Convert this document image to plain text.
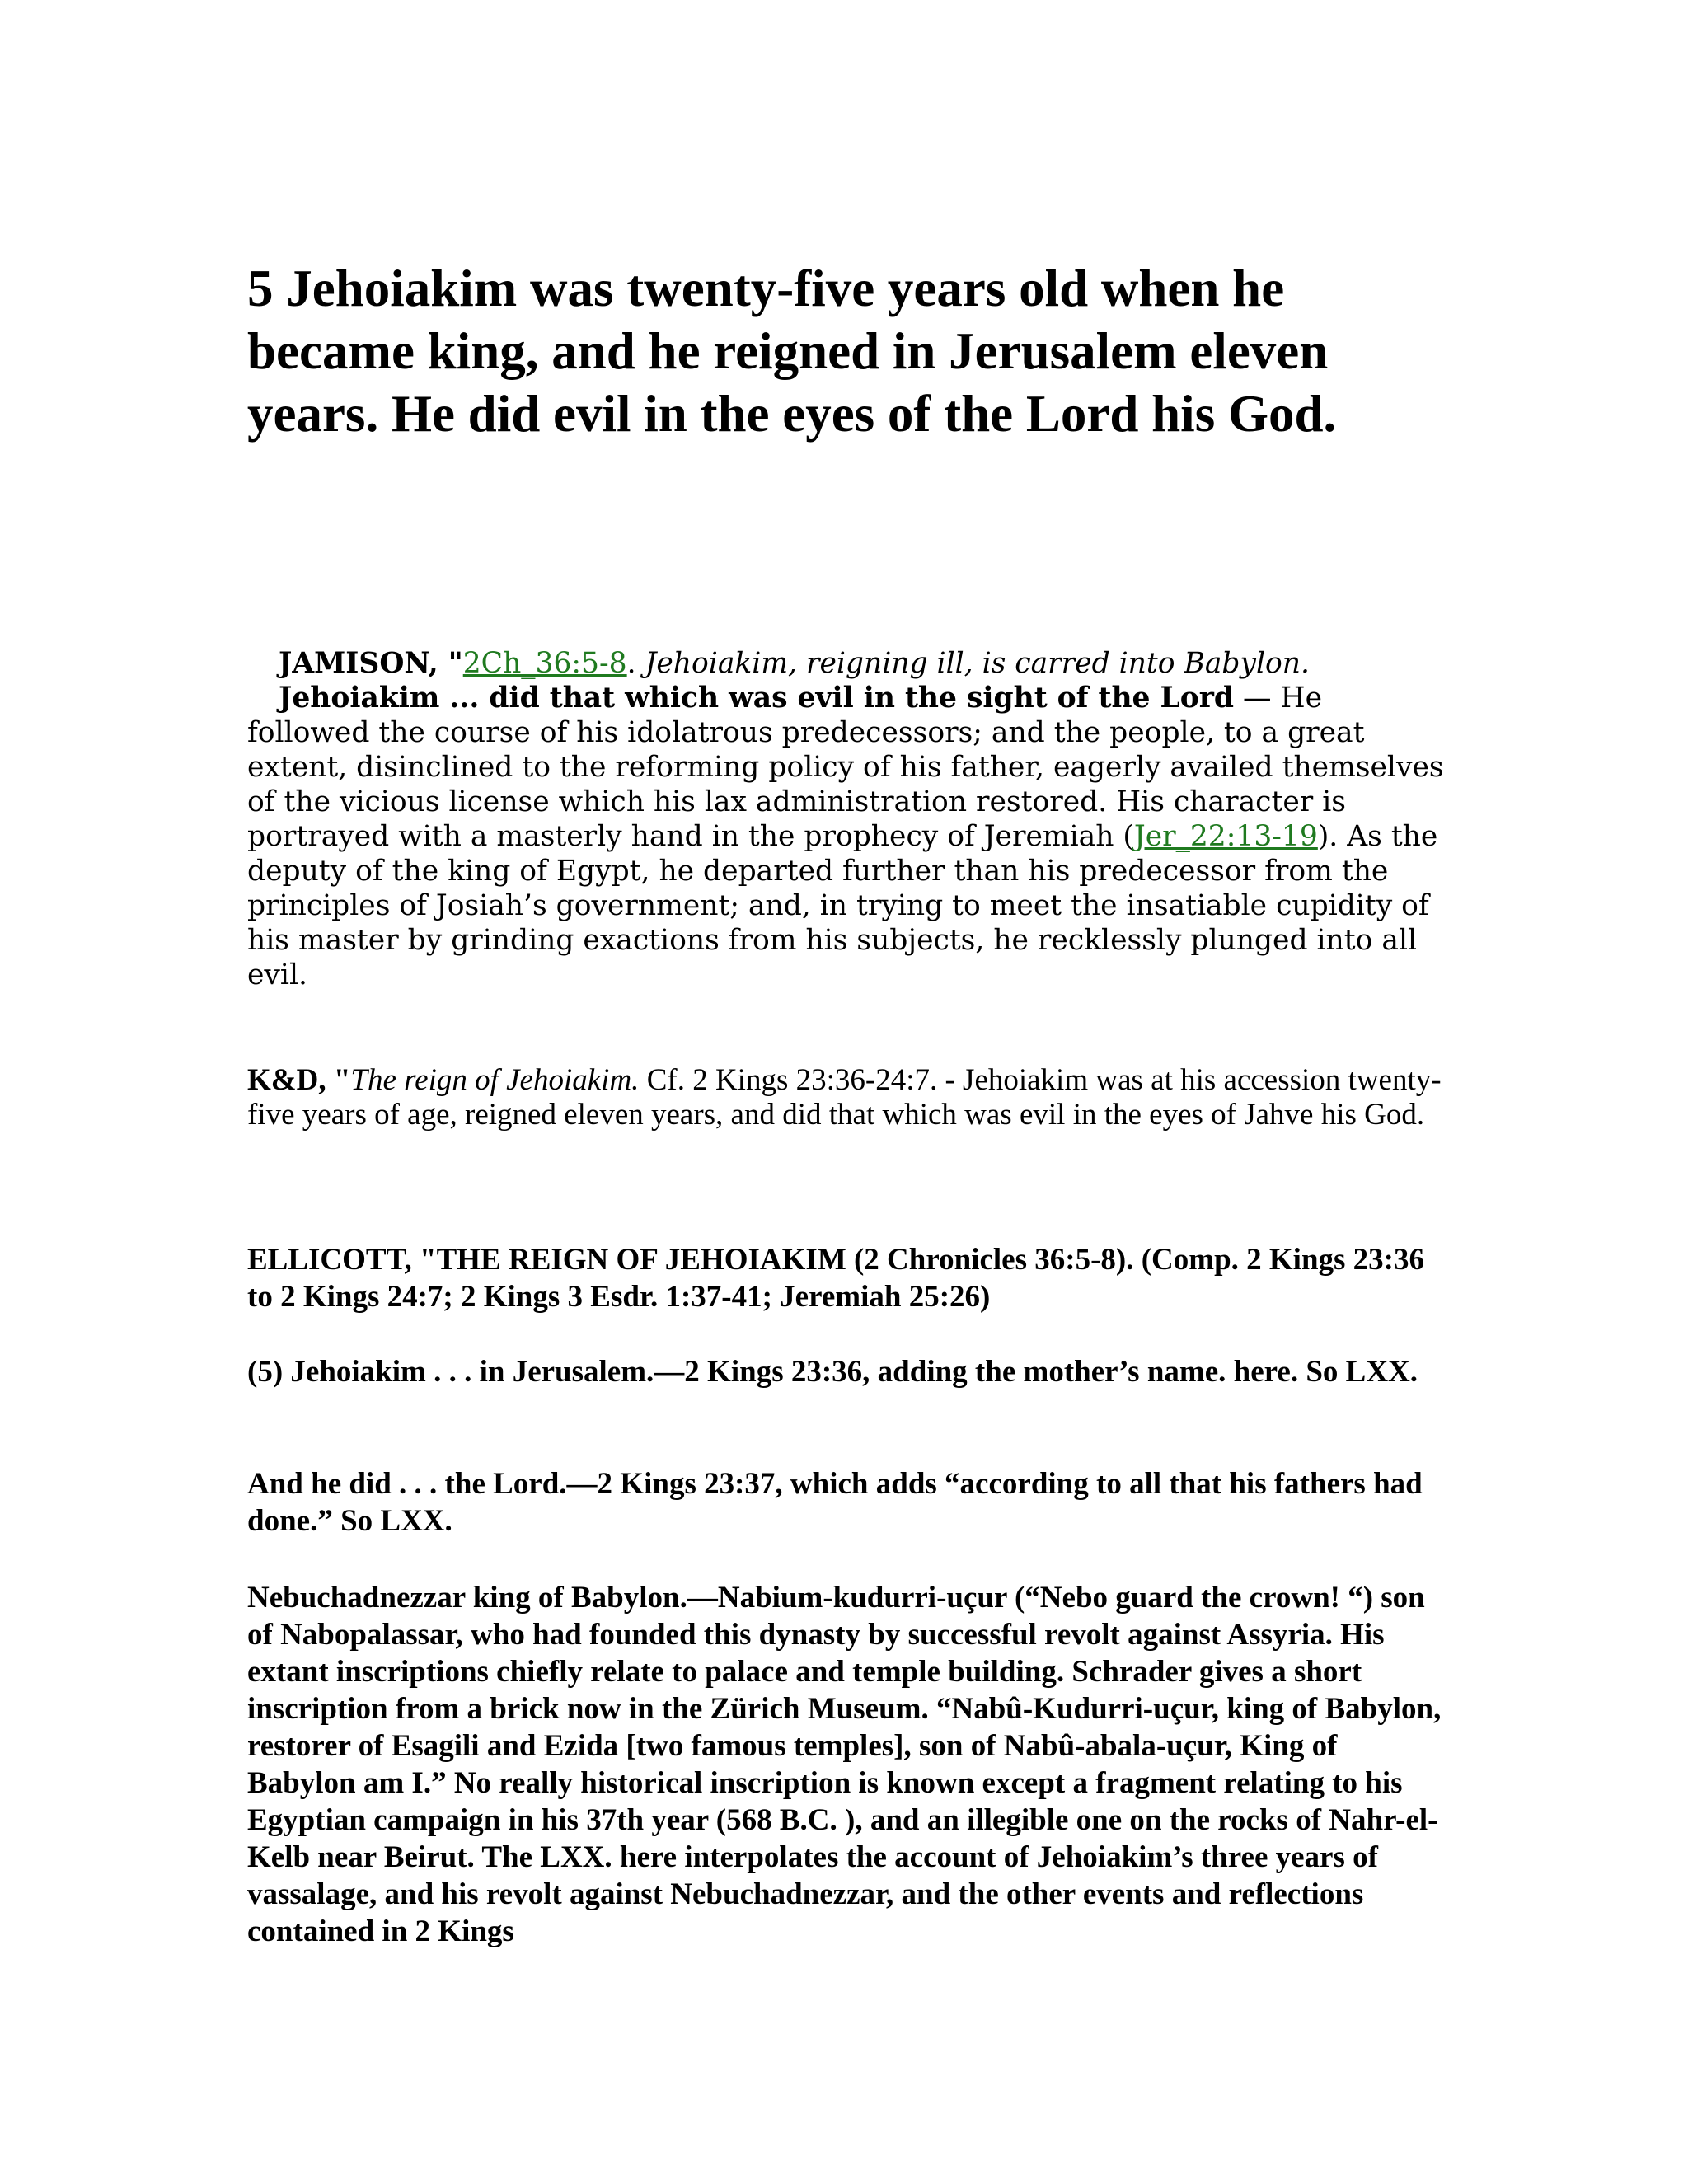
5 Jehoiakim was twenty-five years old when he became king, and he reigned in Jerusalem eleven years. He did evil in the eyes of the Lord his God.

JAMISON, "2Ch_36:5-8. Jehoiakim, reigning ill, is carred into Babylon.

Jehoiakim ... did that which was evil in the sight of the Lord — He followed the course of his idolatrous predecessors; and the people, to a great extent, disinclined to the reforming policy of his father, eagerly availed themselves of the vicious license which his lax administration restored. His character is portrayed with a masterly hand in the prophecy of Jeremiah (Jer_22:13-19). As the deputy of the king of Egypt, he departed further than his predecessor from the principles of Josiah’s government; and, in trying to meet the insatiable cupidity of his master by grinding exactions from his subjects, he recklessly plunged into all evil.

K&D, "The reign of Jehoiakim. Cf. 2 Kings 23:36-24:7. - Jehoiakim was at his accession twenty-five years of age, reigned eleven years, and did that which was evil in the eyes of Jahve his God.

ELLICOTT, "THE REIGN OF JEHOIAKIM (2 Chronicles 36:5-8). (Comp. 2 Kings 23:36 to 2 Kings 24:7; 2 Kings 3 Esdr. 1:37-41; Jeremiah 25:26)

(5) Jehoiakim . . . in Jerusalem.—2 Kings 23:36, adding the mother’s name. here. So LXX.

And he did . . . the Lord.—2 Kings 23:37, which adds “according to all that his fathers had done.” So LXX.

Nebuchadnezzar king of Babylon.—Nabium-kudurri-uçur (“Nebo guard the crown! “) son of Nabopalassar, who had founded this dynasty by successful revolt against Assyria. His extant inscriptions chiefly relate to palace and temple building. Schrader gives a short inscription from a brick now in the Zürich Museum. “Nabû-Kudurri-uçur, king of Babylon, restorer of Esagili and Ezida [two famous temples], son of Nabû-abala-uçur, King of Babylon am I.” No really historical inscription is known except a fragment relating to his Egyptian campaign in his 37th year (568 B.C. ), and an illegible one on the rocks of Nahr-el-Kelb near Beirut. The LXX. here interpolates the account of Jehoiakim’s three years of vassalage, and his revolt against Nebuchadnezzar, and the other events and reflections contained in 2 Kings
